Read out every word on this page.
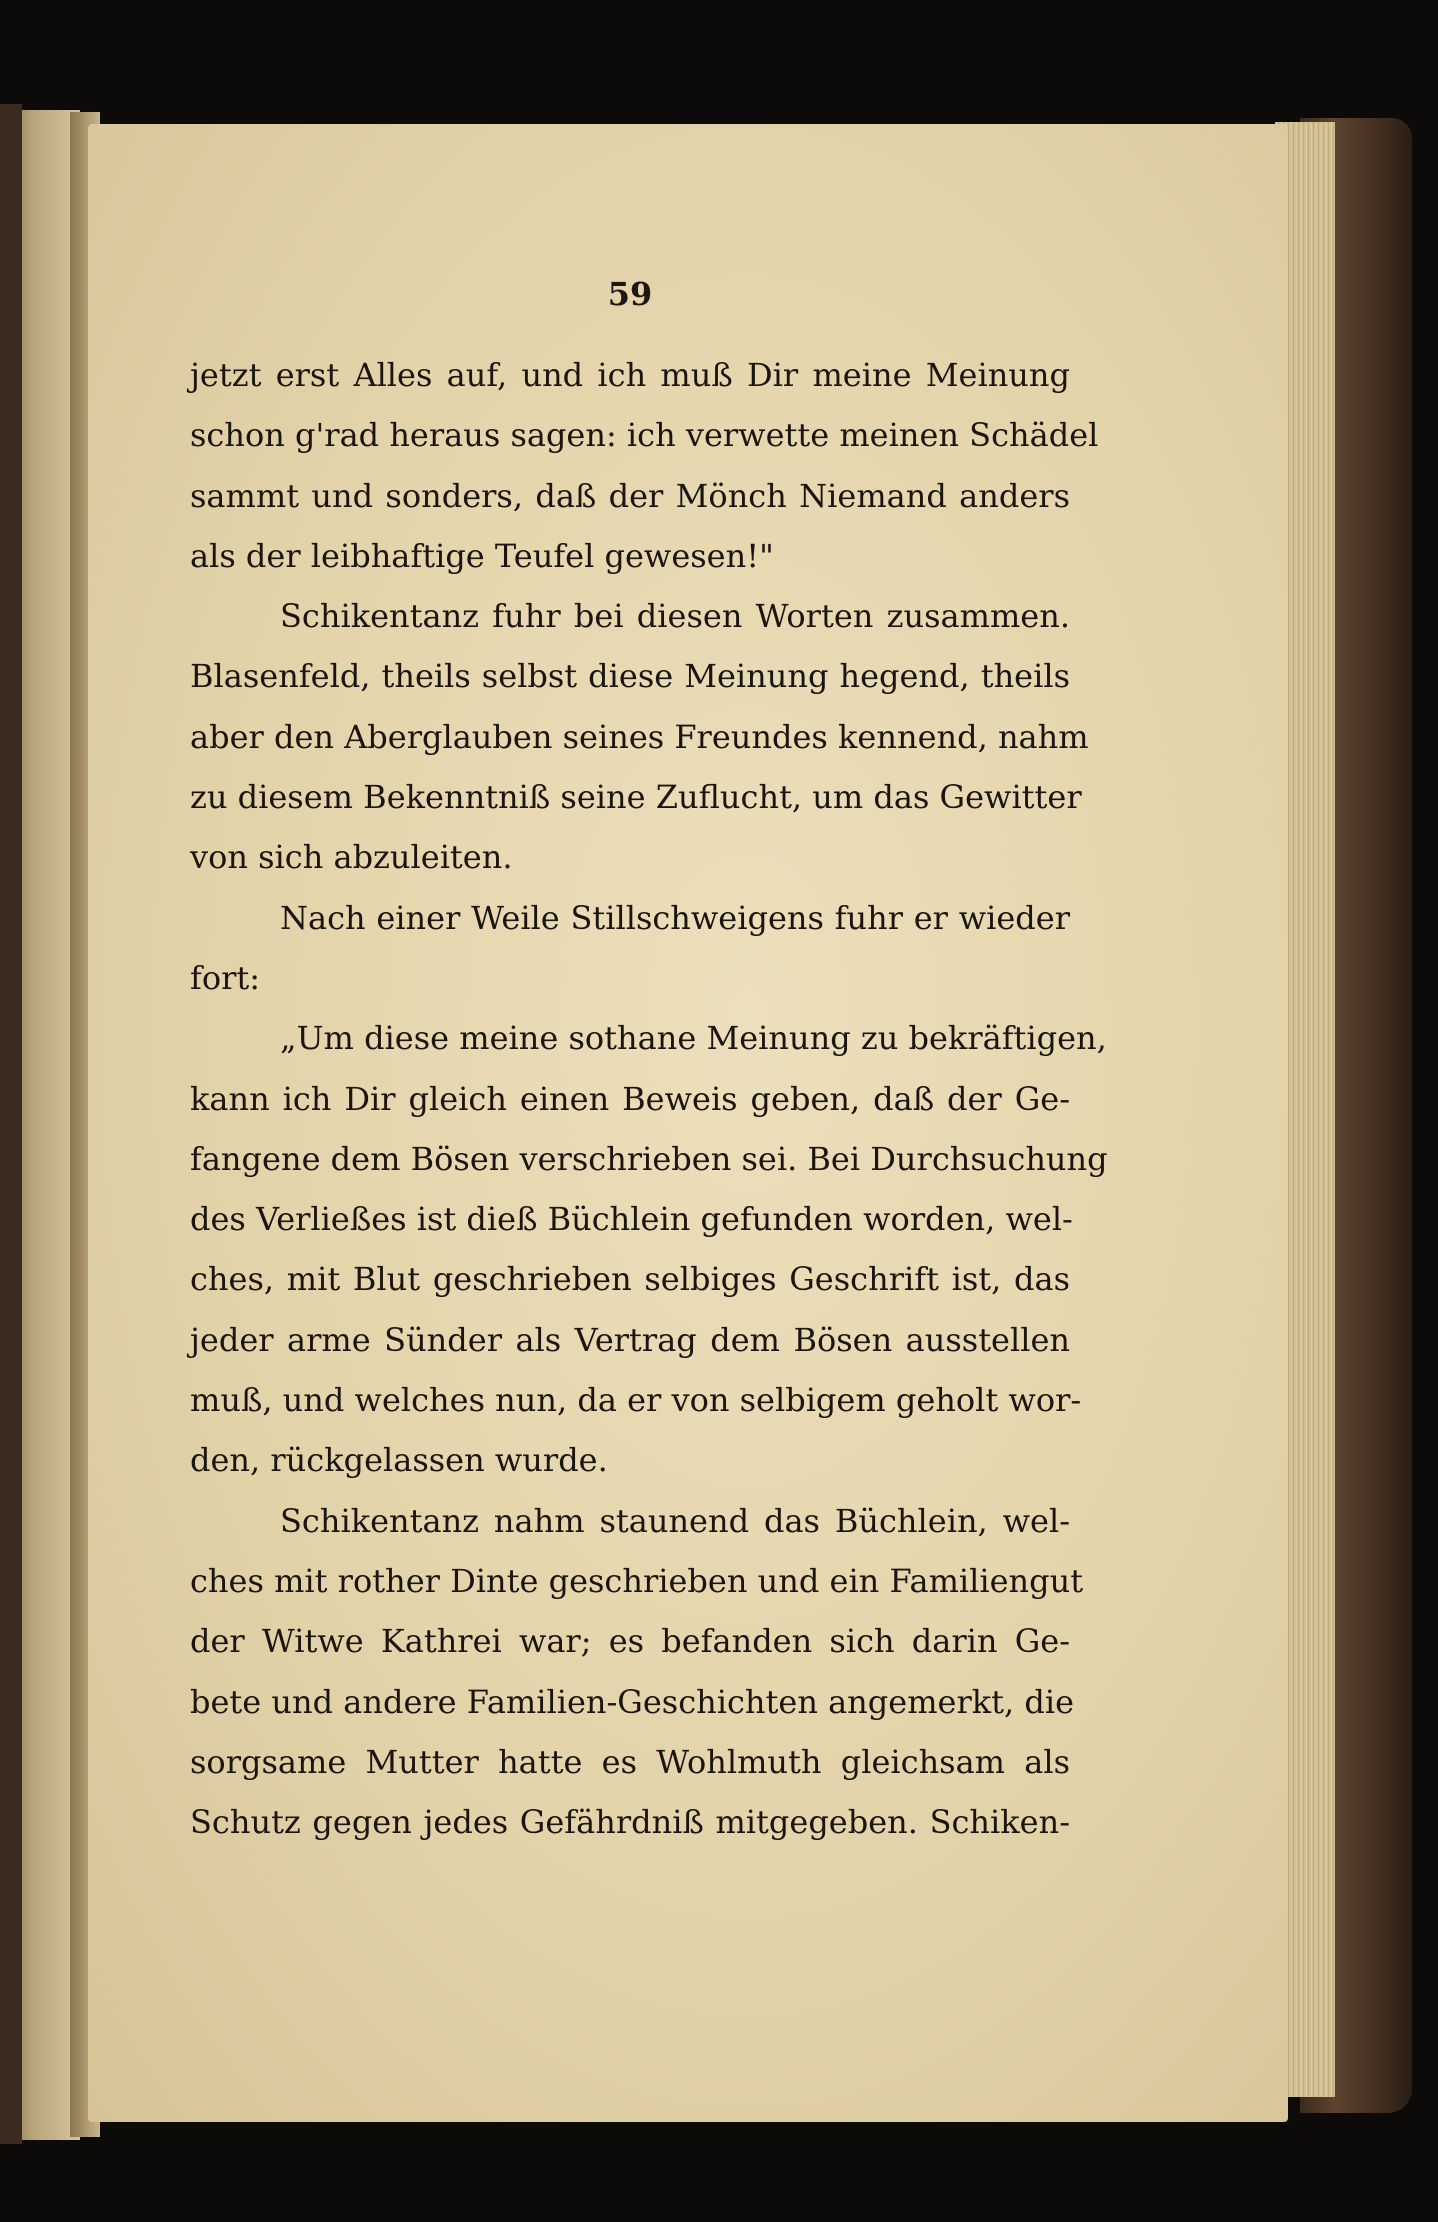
59
jetzt erst Alles auf, und ich muß Dir meine Meinung
schon g'rad heraus sagen: ich verwette meinen Schädel
sammt und sonders, daß der Mönch Niemand anders
als der leibhaftige Teufel gewesen!"
Schikentanz fuhr bei diesen Worten zusammen.
Blasenfeld, theils selbst diese Meinung hegend, theils
aber den Aberglauben seines Freundes kennend, nahm
zu diesem Bekenntniß seine Zuflucht, um das Gewitter
von sich abzuleiten.
Nach einer Weile Stillschweigens fuhr er wieder
fort:
„Um diese meine sothane Meinung zu bekräftigen,
kann ich Dir gleich einen Beweis geben, daß der Ge-
fangene dem Bösen verschrieben sei. Bei Durchsuchung
des Verließes ist dieß Büchlein gefunden worden, wel-
ches, mit Blut geschrieben selbiges Geschrift ist, das
jeder arme Sünder als Vertrag dem Bösen ausstellen
muß, und welches nun, da er von selbigem geholt wor-
den, rückgelassen wurde.
Schikentanz nahm staunend das Büchlein, wel-
ches mit rother Dinte geschrieben und ein Familiengut
der Witwe Kathrei war; es befanden sich darin Ge-
bete und andere Familien-Geschichten angemerkt, die
sorgsame Mutter hatte es Wohlmuth gleichsam als
Schutz gegen jedes Gefährdniß mitgegeben. Schiken-
